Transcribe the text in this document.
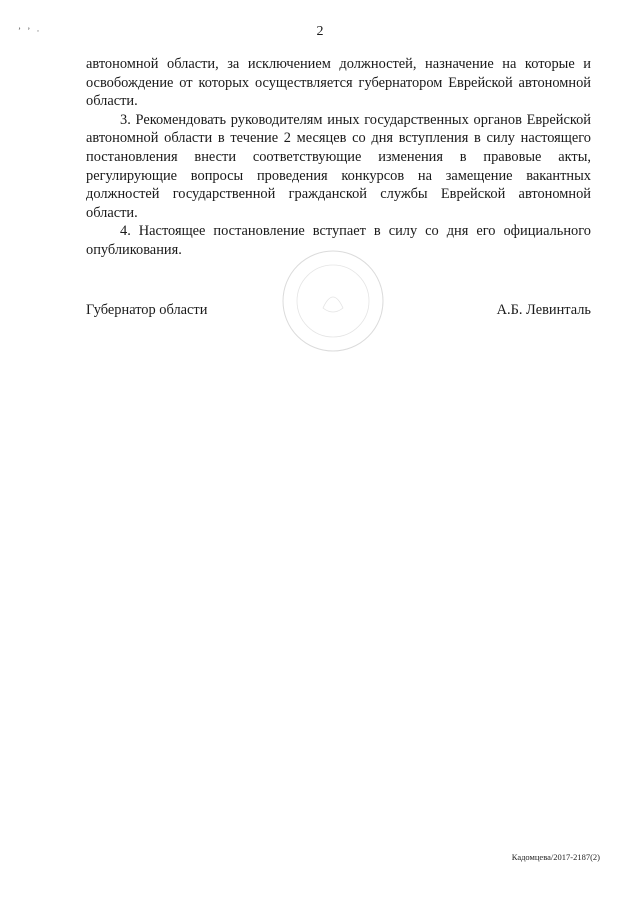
ʼ ʼ ·	2

автономной области, за исключением должностей, назначение на которые и освобождение от которых осуществляется губернатором Еврейской автономной области.

3. Рекомендовать руководителям иных государственных органов Еврейской автономной области в течение 2 месяцев со дня вступления в силу настоящего постановления внести соответствующие изменения в правовые акты, регулирующие вопросы проведения конкурсов на замещение вакантных должностей государственной гражданской службы Еврейской автономной области.

4. Настоящее постановление вступает в силу со дня его официального опубликования.

Губернатор области	А.Б. Левинталь
Кадомцева/2017-2187(2)
